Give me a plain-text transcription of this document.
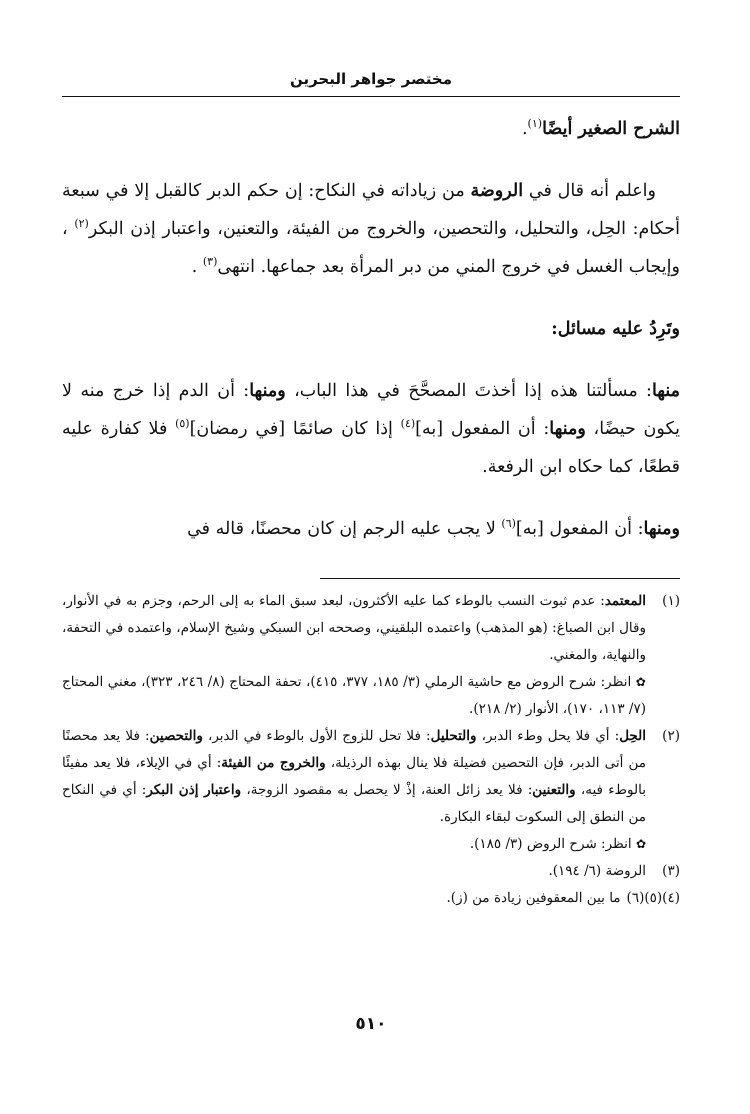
مختصر جواهر البحرين

الشرح الصغير أيضًا$^{(١)}$.

واعلم أنه قال في الروضة من زياداته في النكاح: إن حكم الدبر كالقبل إلا في سبعة أحكام: الحِل، والتحليل، والتحصين، والخروج من الفيئة، والتعنين، واعتبار إذن البكر$^{(٢)}$ ، وإيجاب الغسل في خروج المني من دبر المرأة بعد جماعها. انتهى$^{(٣)}$ .

وتَرِدُ عليه مسائل:

منها: مسألتنا هذه إذا أخذتَ المصحَّحَ في هذا الباب، ومنها: أن الدم إذا خرج منه لا يكون حيضًا، ومنها: أن المفعول [به]$^{(٤)}$ إذا كان صائمًا [في رمضان]$^{(٥)}$ فلا كفارة عليه قطعًا، كما حكاه ابن الرفعة.

ومنها: أن المفعول [به]$^{(٦)}$ لا يجب عليه الرجم إن كان محصنًا، قاله في

(١)
المعتمد: عدم ثبوت النسب بالوطء كما عليه الأكثرون، لبعد سبق الماء به إلى الرحم، وجزم به في الأنوار، وقال ابن الصباغ: (هو المذهب) واعتمده البلقيني، وصححه ابن السبكي وشيخ الإسلام، واعتمده في التحفة، والنهاية، والمغني.
✿ انظر: شرح الروض مع حاشية الرملي (٣/ ١٨٥، ٣٧٧، ٤١٥)، تحفة المحتاج (٨/ ٢٤٦، ٣٢٣)، مغني المحتاج (٧/ ١١٣، ١٧٠)، الأنوار (٢/ ٢١٨).
(٢)
الحِل: أي فلا يحل وطء الدبر، والتحليل: فلا تحل للزوج الأول بالوطء في الدبر، والتحصين: فلا يعد محصنًا من أتى الدبر، فإن التحصين فضيلة فلا ينال بهذه الرذيلة، والخروج من الفيئة: أي في الإيلاء، فلا يعد مفيئًا بالوطء فيه، والتعنين: فلا يعد زائل العنة، إذْ لا يحصل به مقصود الزوجة، واعتبار إذن البكر: أي في النكاح من النطق إلى السكوت لبقاء البكارة.
✿ انظر: شرح الروض (٣/ ١٨٥).
(٣)
الروضة (٦/ ١٩٤).
(٤)(٥)(٦)
ما بين المعقوفين زيادة من (ز).
٥١٠
